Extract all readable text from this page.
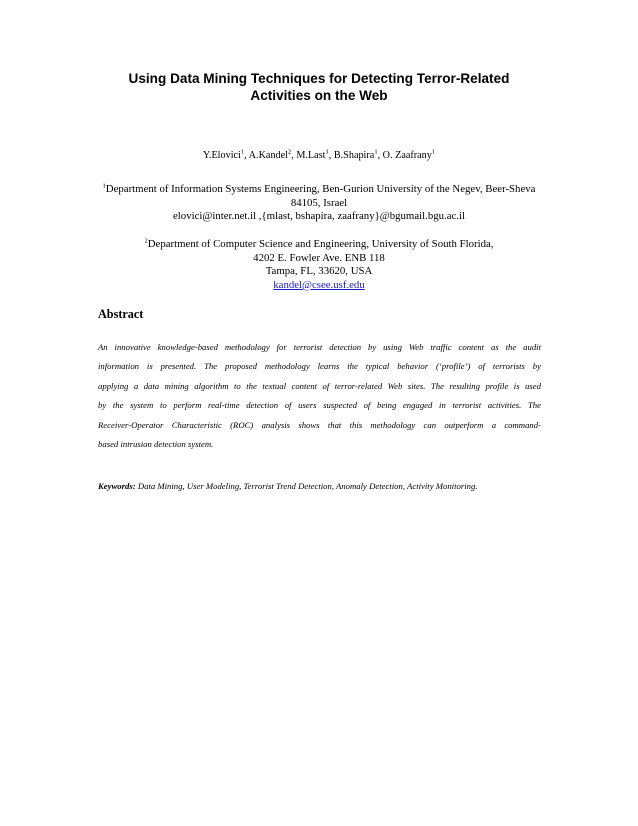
Using Data Mining Techniques for Detecting Terror-Related
Activities on the Web
Y.Elovici$^1$, A.Kandel$^2$, M.Last$^1$, B.Shapira$^1$, O. Zaafrany$^1$
$^1$Department of Information Systems Engineering, Ben-Gurion University of the Negev, Beer-Sheva
84105, Israel
elovici@inter.net.il ,{mlast, bshapira, zaafrany}@bgumail.bgu.ac.il
$^2$Department of Computer Science and Engineering, University of South Florida,
4202 E. Fowler Ave. ENB 118
Tampa, FL, 33620, USA
kandel@csee.usf.edu
Abstract
An innovative knowledge-based methodology for terrorist detection by using Web traffic content as the audit
information is presented. The proposed methodology learns the typical behavior (‘profile’) of terrorists by
applying a data mining algorithm to the textual content of terror-related Web sites. The resulting profile is used
by the system to perform real-time detection of users suspected of being engaged in terrorist activities. The
Receiver-Operator Characteristic (ROC) analysis shows that this methodology can outperform a command-
based intrusion detection system.
Keywords: Data Mining, User Modeling, Terrorist Trend Detection, Anomaly Detection, Activity Monitoring.
